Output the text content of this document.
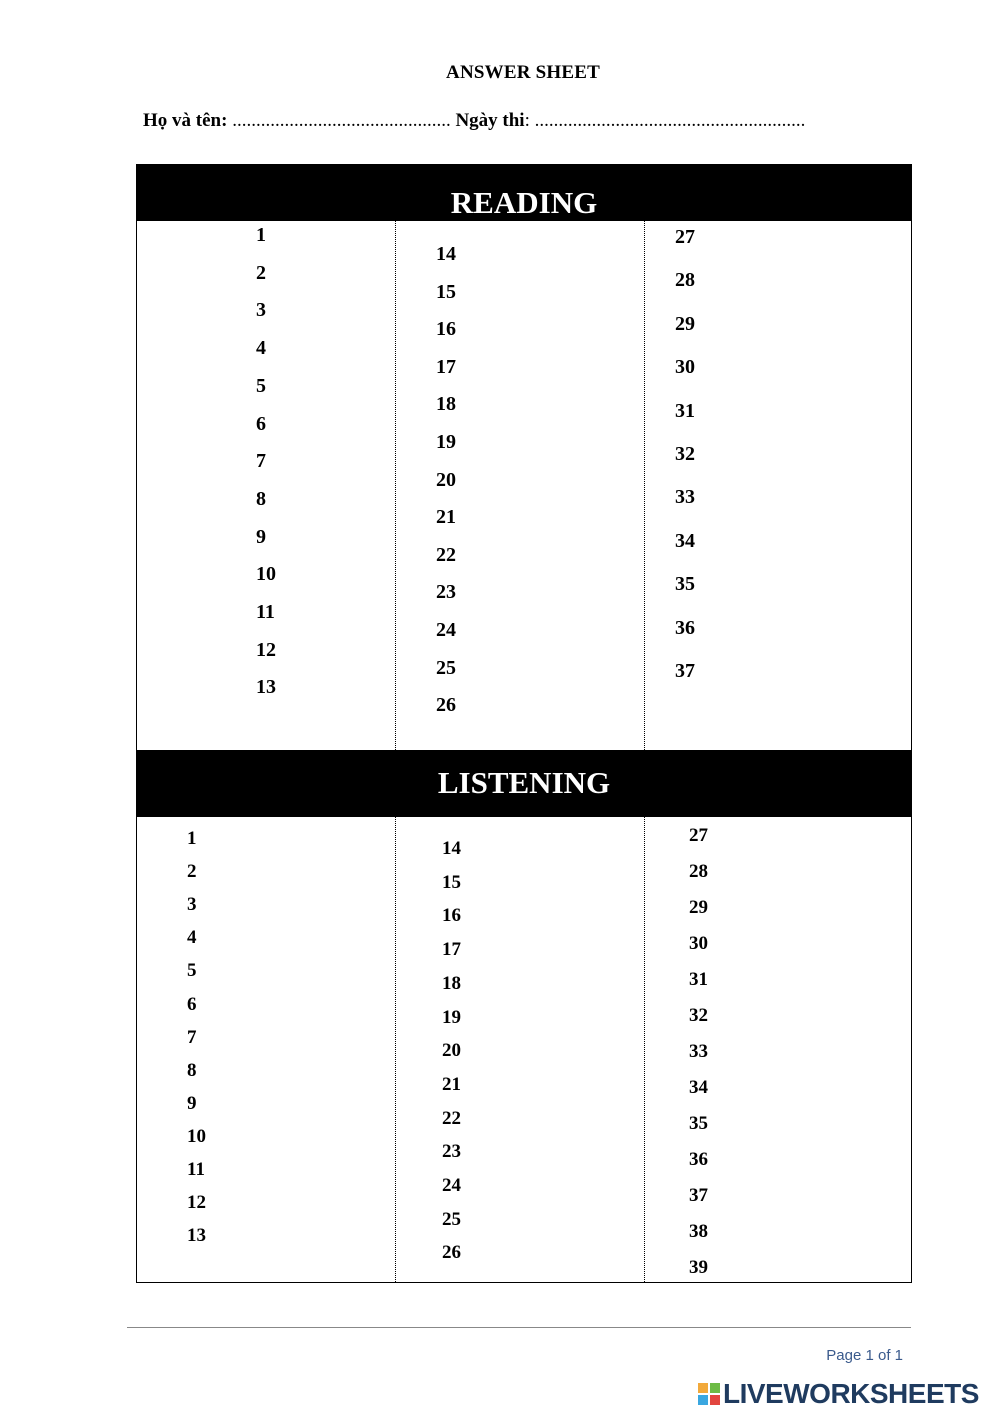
ANSWER SHEET
Họ và tên: .............................................. Ngày thi: .........................................................
READING
LISTENING
1
2
3
4
5
6
7
8
9
10
11
12
13
14
15
16
17
18
19
20
21
22
23
24
25
26
27
28
29
30
31
32
33
34
35
36
37
1
2
3
4
5
6
7
8
9
10
11
12
13
14
15
16
17
18
19
20
21
22
23
24
25
26
27
28
29
30
31
32
33
34
35
36
37
38
39
Page 1 of 1
LIVEWORKSHEETS
